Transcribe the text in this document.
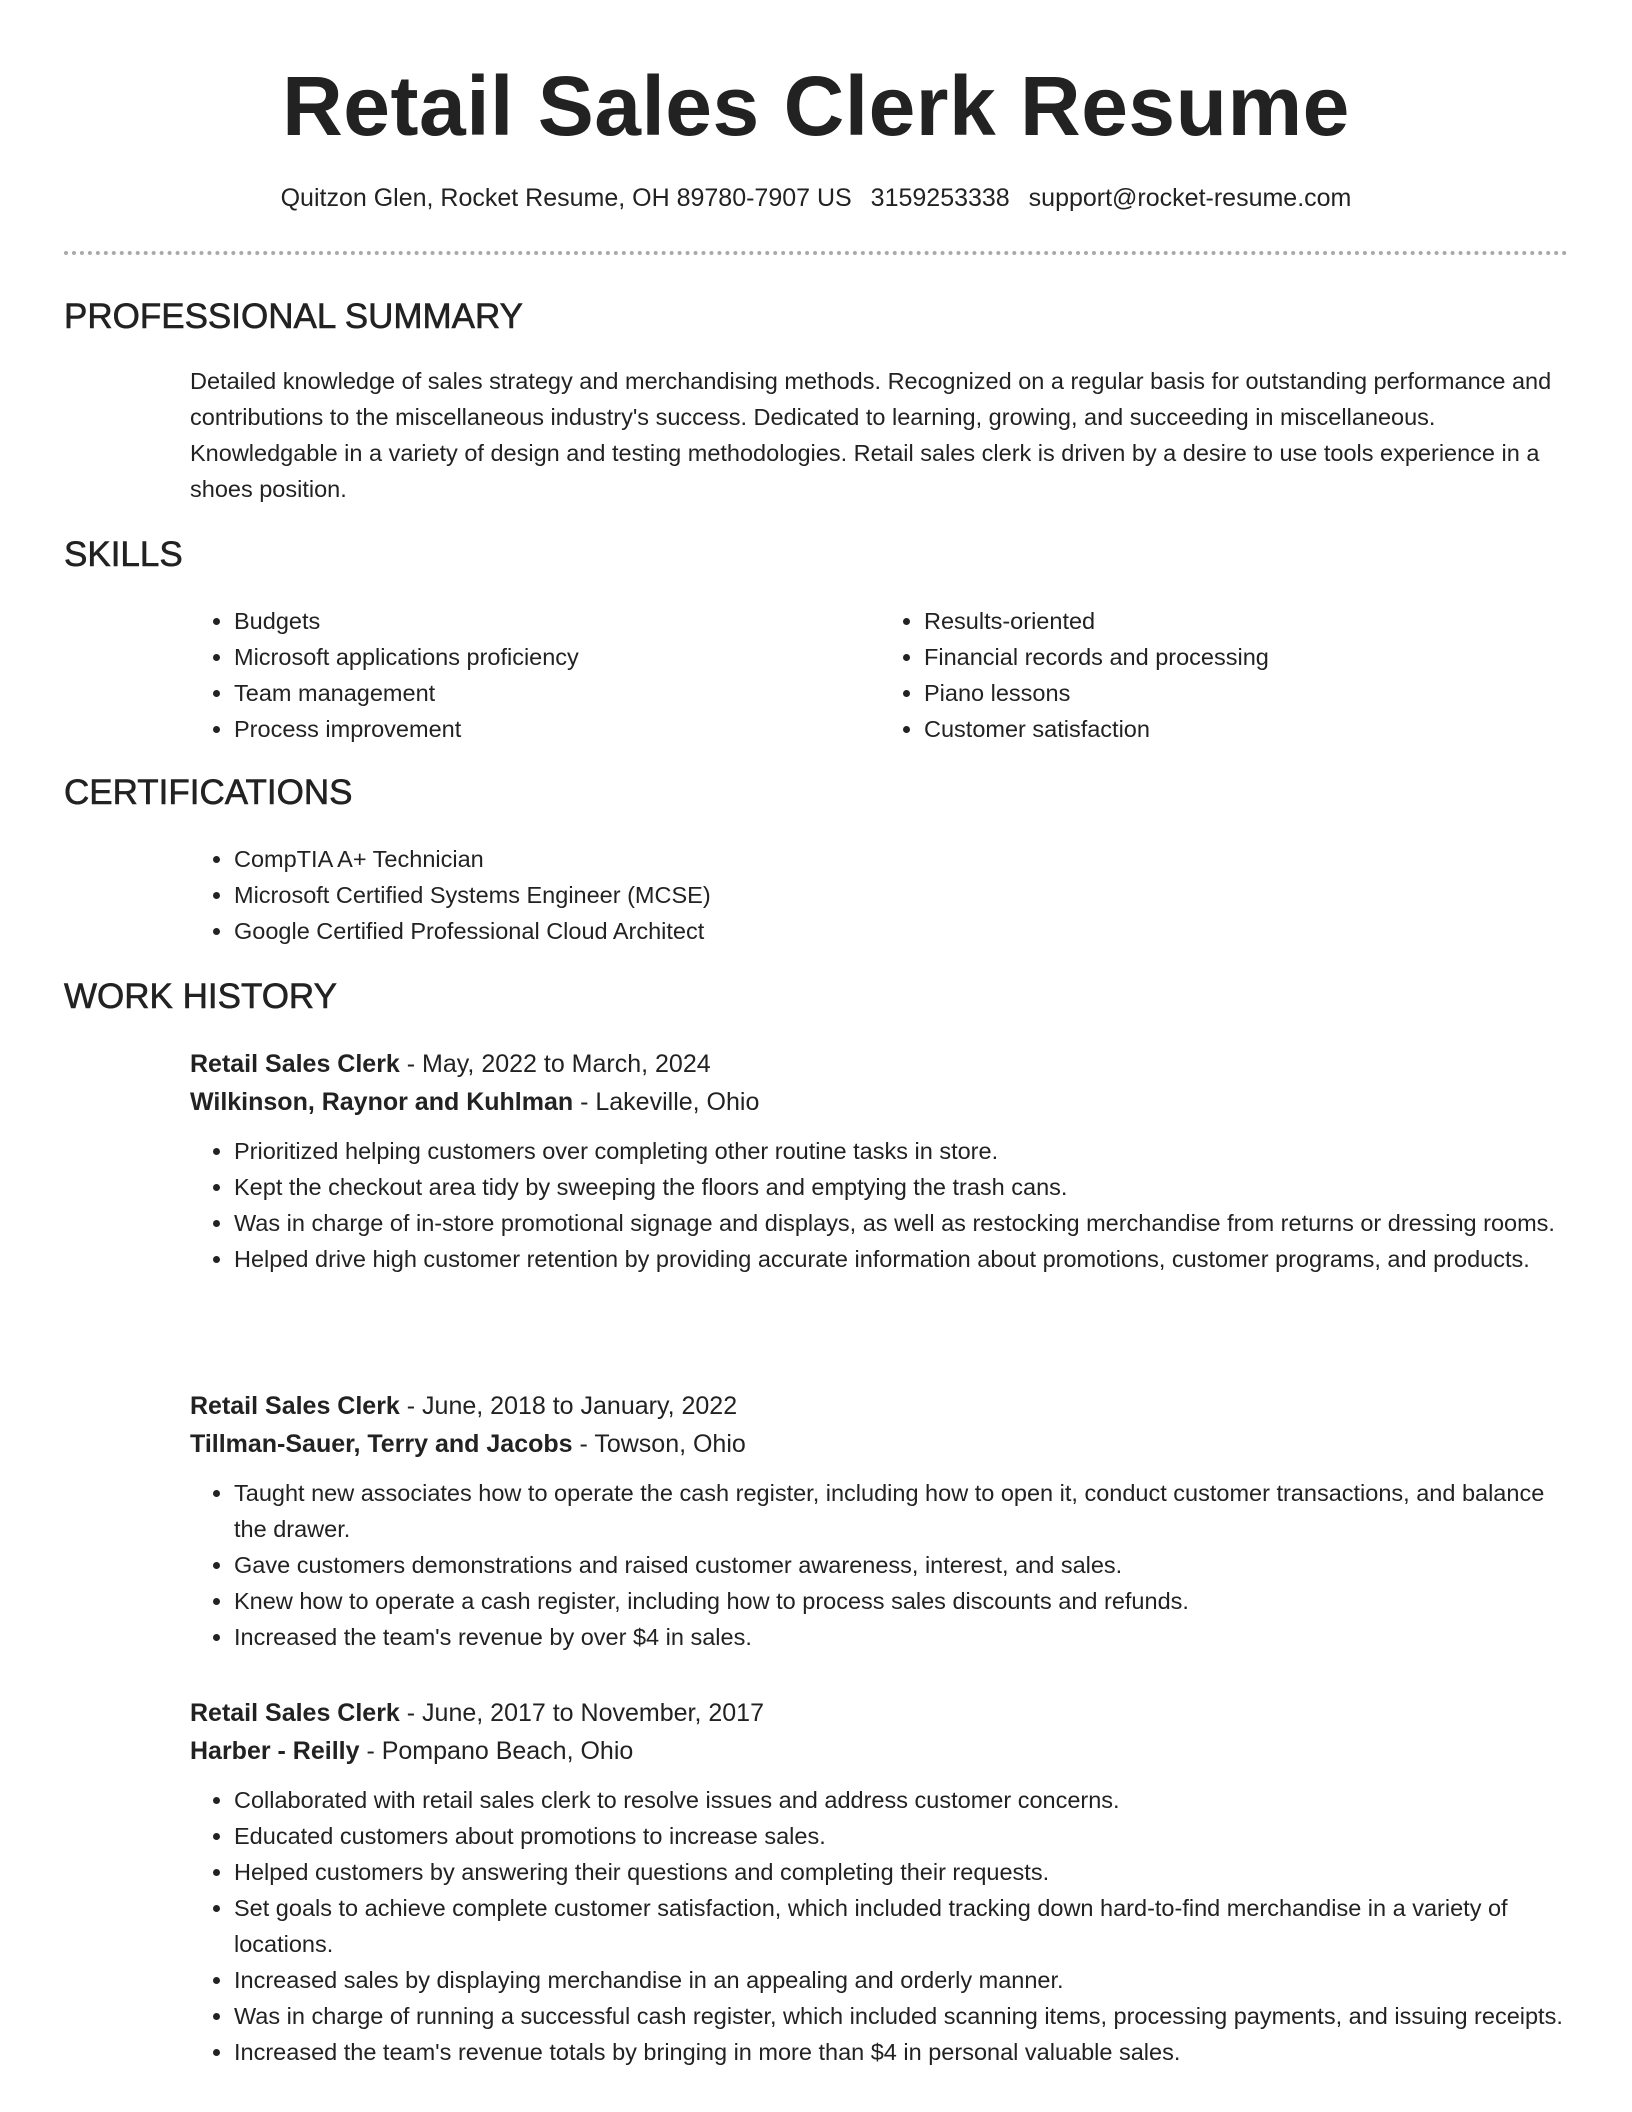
Retail Sales Clerk Resume
Quitzon Glen, Rocket Resume, OH 89780-7907 US 3159253338 support@rocket-resume.com
PROFESSIONAL SUMMARY
Detailed knowledge of sales strategy and merchandising methods. Recognized on a regular basis for outstanding performance and contributions to the miscellaneous industry's success. Dedicated to learning, growing, and succeeding in miscellaneous. Knowledgable in a variety of design and testing methodologies. Retail sales clerk is driven by a desire to use tools experience in a shoes position.
SKILLS
• Budgets
• Microsoft applications proficiency
• Team management
• Process improvement
• Results-oriented
• Financial records and processing
• Piano lessons
• Customer satisfaction
CERTIFICATIONS
• CompTIA A+ Technician
• Microsoft Certified Systems Engineer (MCSE)
• Google Certified Professional Cloud Architect
WORK HISTORY
Retail Sales Clerk - May, 2022 to March, 2024
Wilkinson, Raynor and Kuhlman - Lakeville, Ohio
• Prioritized helping customers over completing other routine tasks in store.
• Kept the checkout area tidy by sweeping the floors and emptying the trash cans.
• Was in charge of in-store promotional signage and displays, as well as restocking merchandise from returns or dressing rooms.
• Helped drive high customer retention by providing accurate information about promotions, customer programs, and products.
Retail Sales Clerk - June, 2018 to January, 2022
Tillman-Sauer, Terry and Jacobs - Towson, Ohio
• Taught new associates how to operate the cash register, including how to open it, conduct customer transactions, and balance the drawer.
• Gave customers demonstrations and raised customer awareness, interest, and sales.
• Knew how to operate a cash register, including how to process sales discounts and refunds.
• Increased the team's revenue by over $4 in sales.
Retail Sales Clerk - June, 2017 to November, 2017
Harber - Reilly - Pompano Beach, Ohio
• Collaborated with retail sales clerk to resolve issues and address customer concerns.
• Educated customers about promotions to increase sales.
• Helped customers by answering their questions and completing their requests.
• Set goals to achieve complete customer satisfaction, which included tracking down hard-to-find merchandise in a variety of locations.
• Increased sales by displaying merchandise in an appealing and orderly manner.
• Was in charge of running a successful cash register, which included scanning items, processing payments, and issuing receipts.
• Increased the team's revenue totals by bringing in more than $4 in personal valuable sales.
